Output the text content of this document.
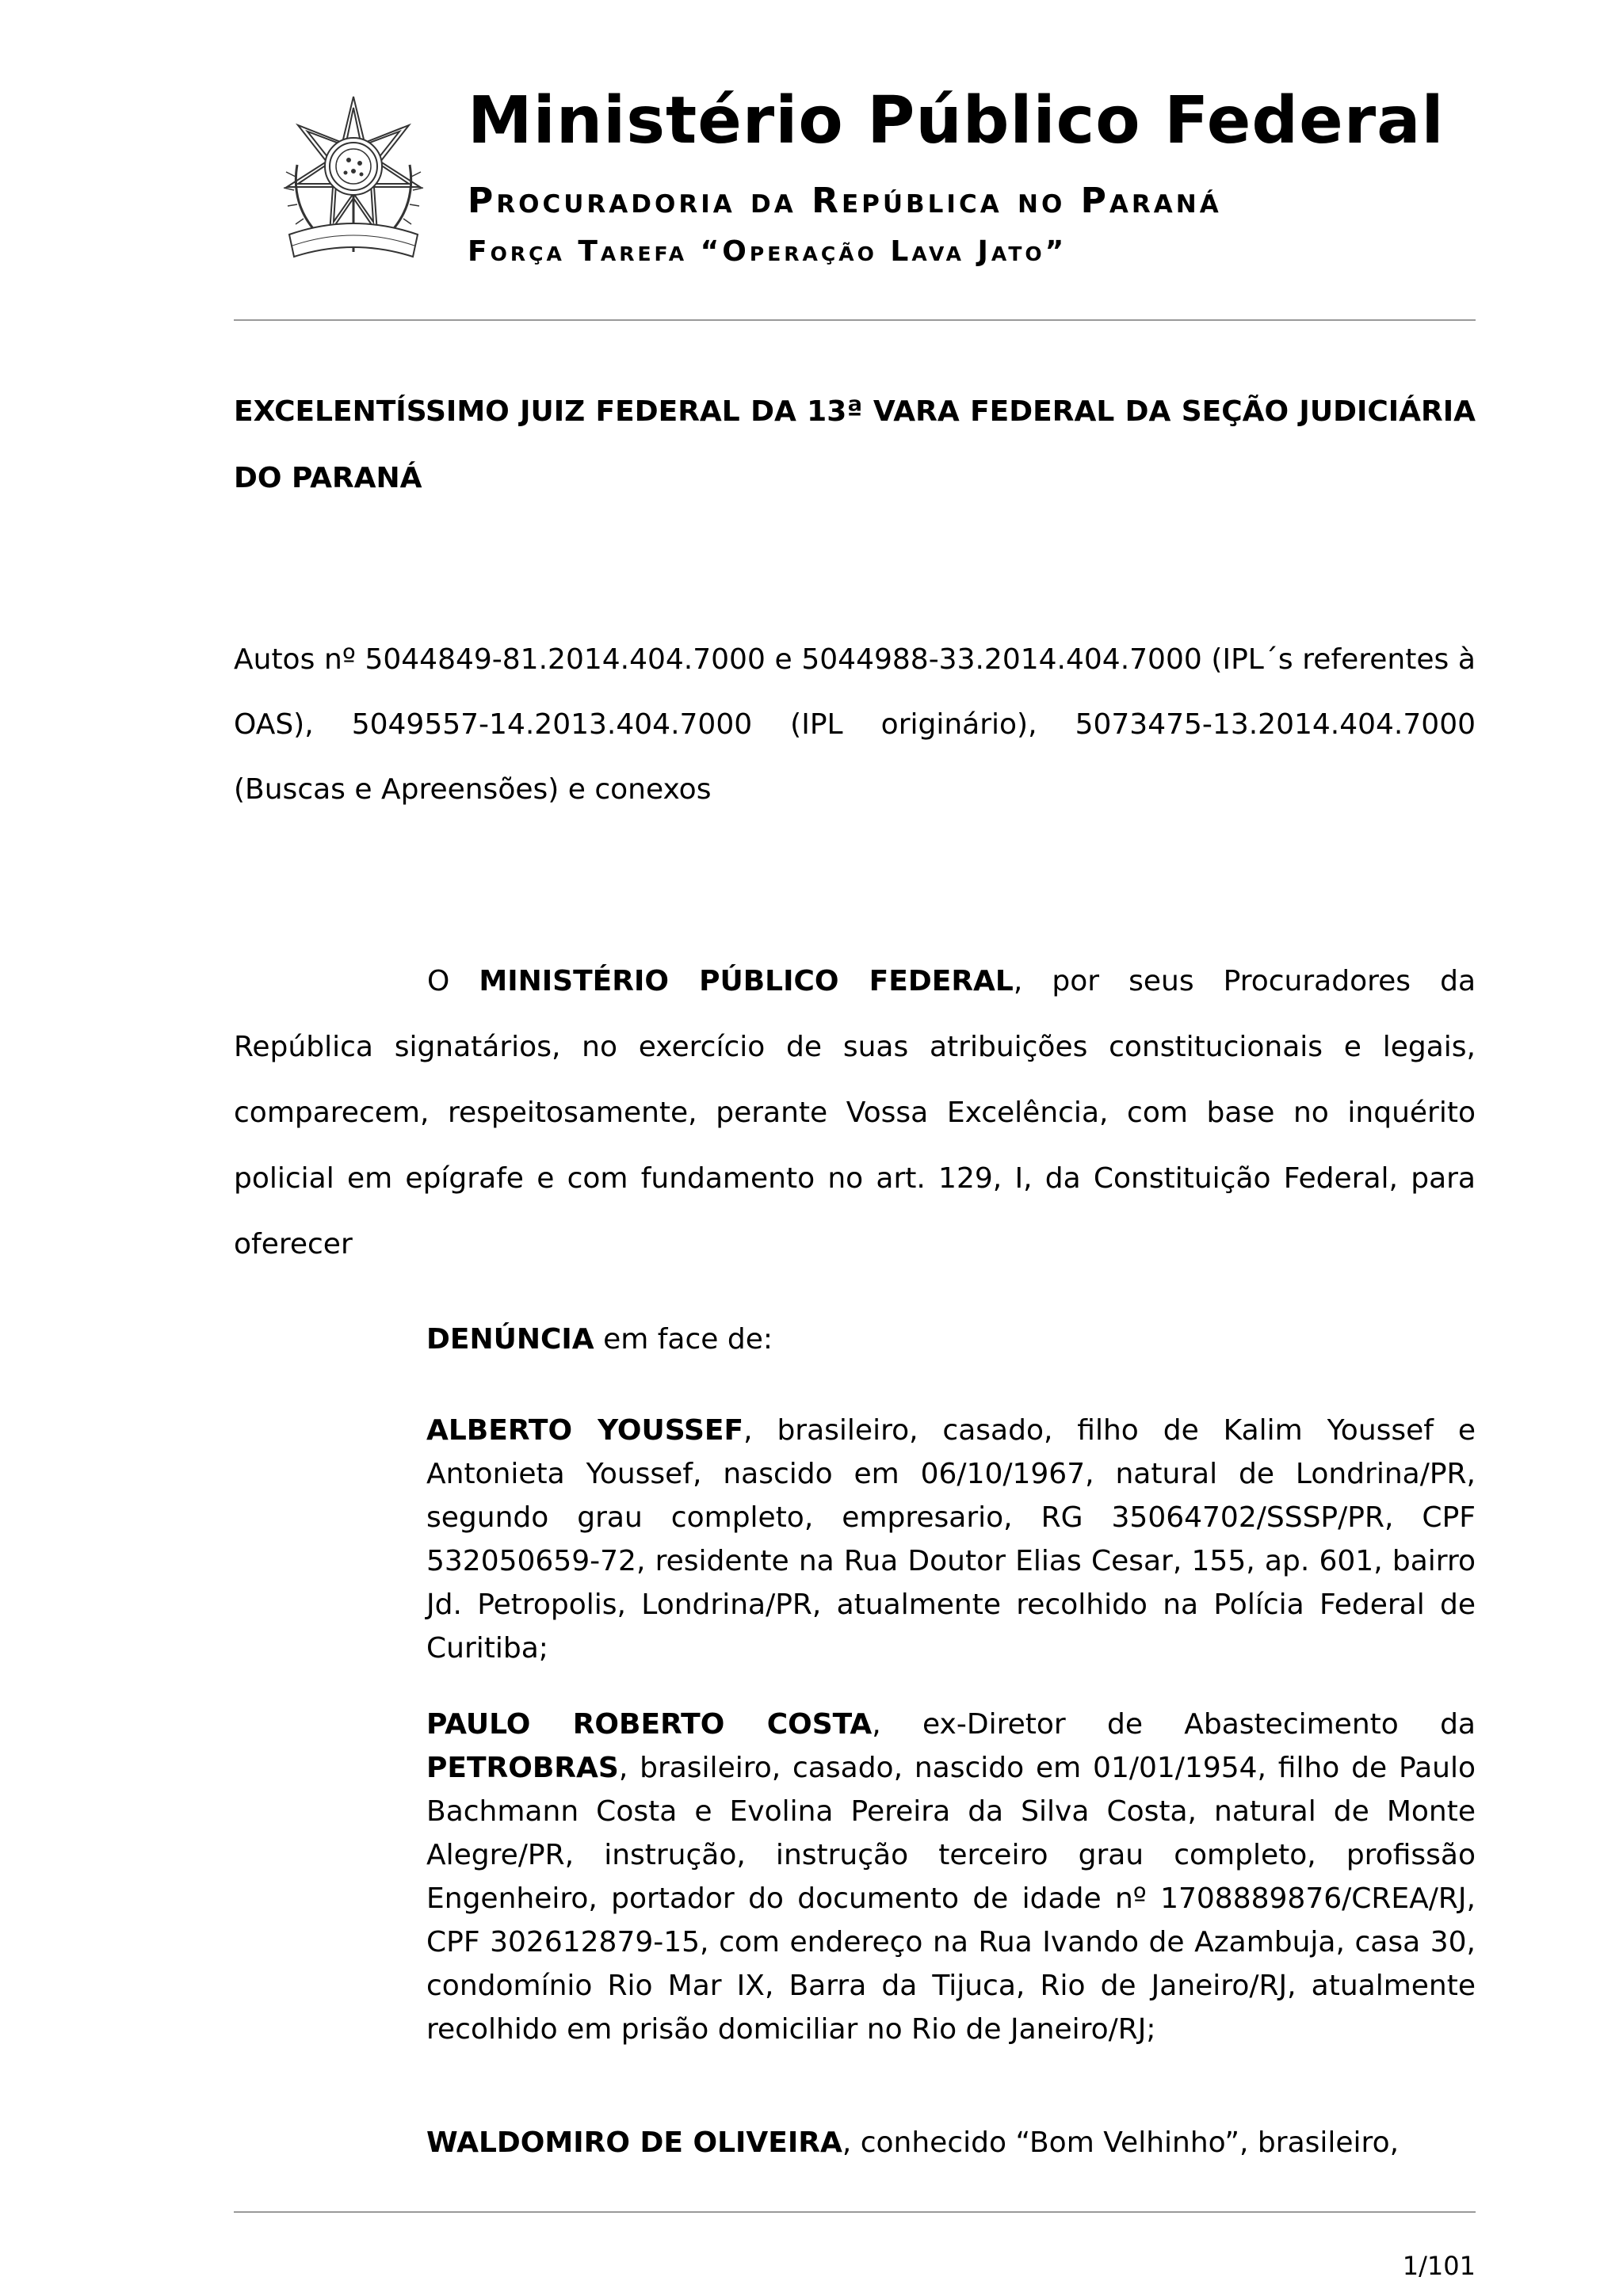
Ministério Público Federal
Procuradoria da República no Paraná
Força Tarefa “Operação Lava Jato”
EXCELENTÍSSIMO JUIZ FEDERAL DA 13ª VARA FEDERAL DA SEÇÃO JUDICIÁRIA DO PARANÁ
Autos nº 5044849-81.2014.404.7000 e 5044988-33.2014.404.7000 (IPL´s referentes à OAS), 5049557-14.2013.404.7000 (IPL originário), 5073475-13.2014.404.7000 (Buscas e Apreensões) e conexos
O MINISTÉRIO PÚBLICO FEDERAL, por seus Procuradores da República signatários, no exercício de suas atribuições constitucionais e legais, comparecem, respeitosamente, perante Vossa Excelência, com base no inquérito policial em epígrafe e com fundamento no art. 129, I, da Constituição Federal, para oferecer
DENÚNCIA em face de:
ALBERTO YOUSSEF, brasileiro, casado, filho de Kalim Youssef e Antonieta Youssef, nascido em 06/10/1967, natural de Londrina/PR, segundo grau completo, empresario, RG 35064702/SSSP/PR, CPF 532050659-72, residente na Rua Doutor Elias Cesar, 155, ap. 601, bairro Jd. Petropolis, Londrina/PR, atualmente recolhido na Polícia Federal de Curitiba;
PAULO ROBERTO COSTA, ex-Diretor de Abastecimento da PETROBRAS, brasileiro, casado, nascido em 01/01/1954, filho de Paulo Bachmann Costa e Evolina Pereira da Silva Costa, natural de Monte Alegre/PR, instrução, instrução terceiro grau completo, profissão Engenheiro, portador do documento de idade nº 1708889876/CREA/RJ, CPF 302612879-15, com endereço na Rua Ivando de Azambuja, casa 30, condomínio Rio Mar IX, Barra da Tijuca, Rio de Janeiro/RJ, atualmente recolhido em prisão domiciliar no Rio de Janeiro/RJ;
WALDOMIRO DE OLIVEIRA, conhecido “Bom Velhinho”, brasileiro,
1/101
